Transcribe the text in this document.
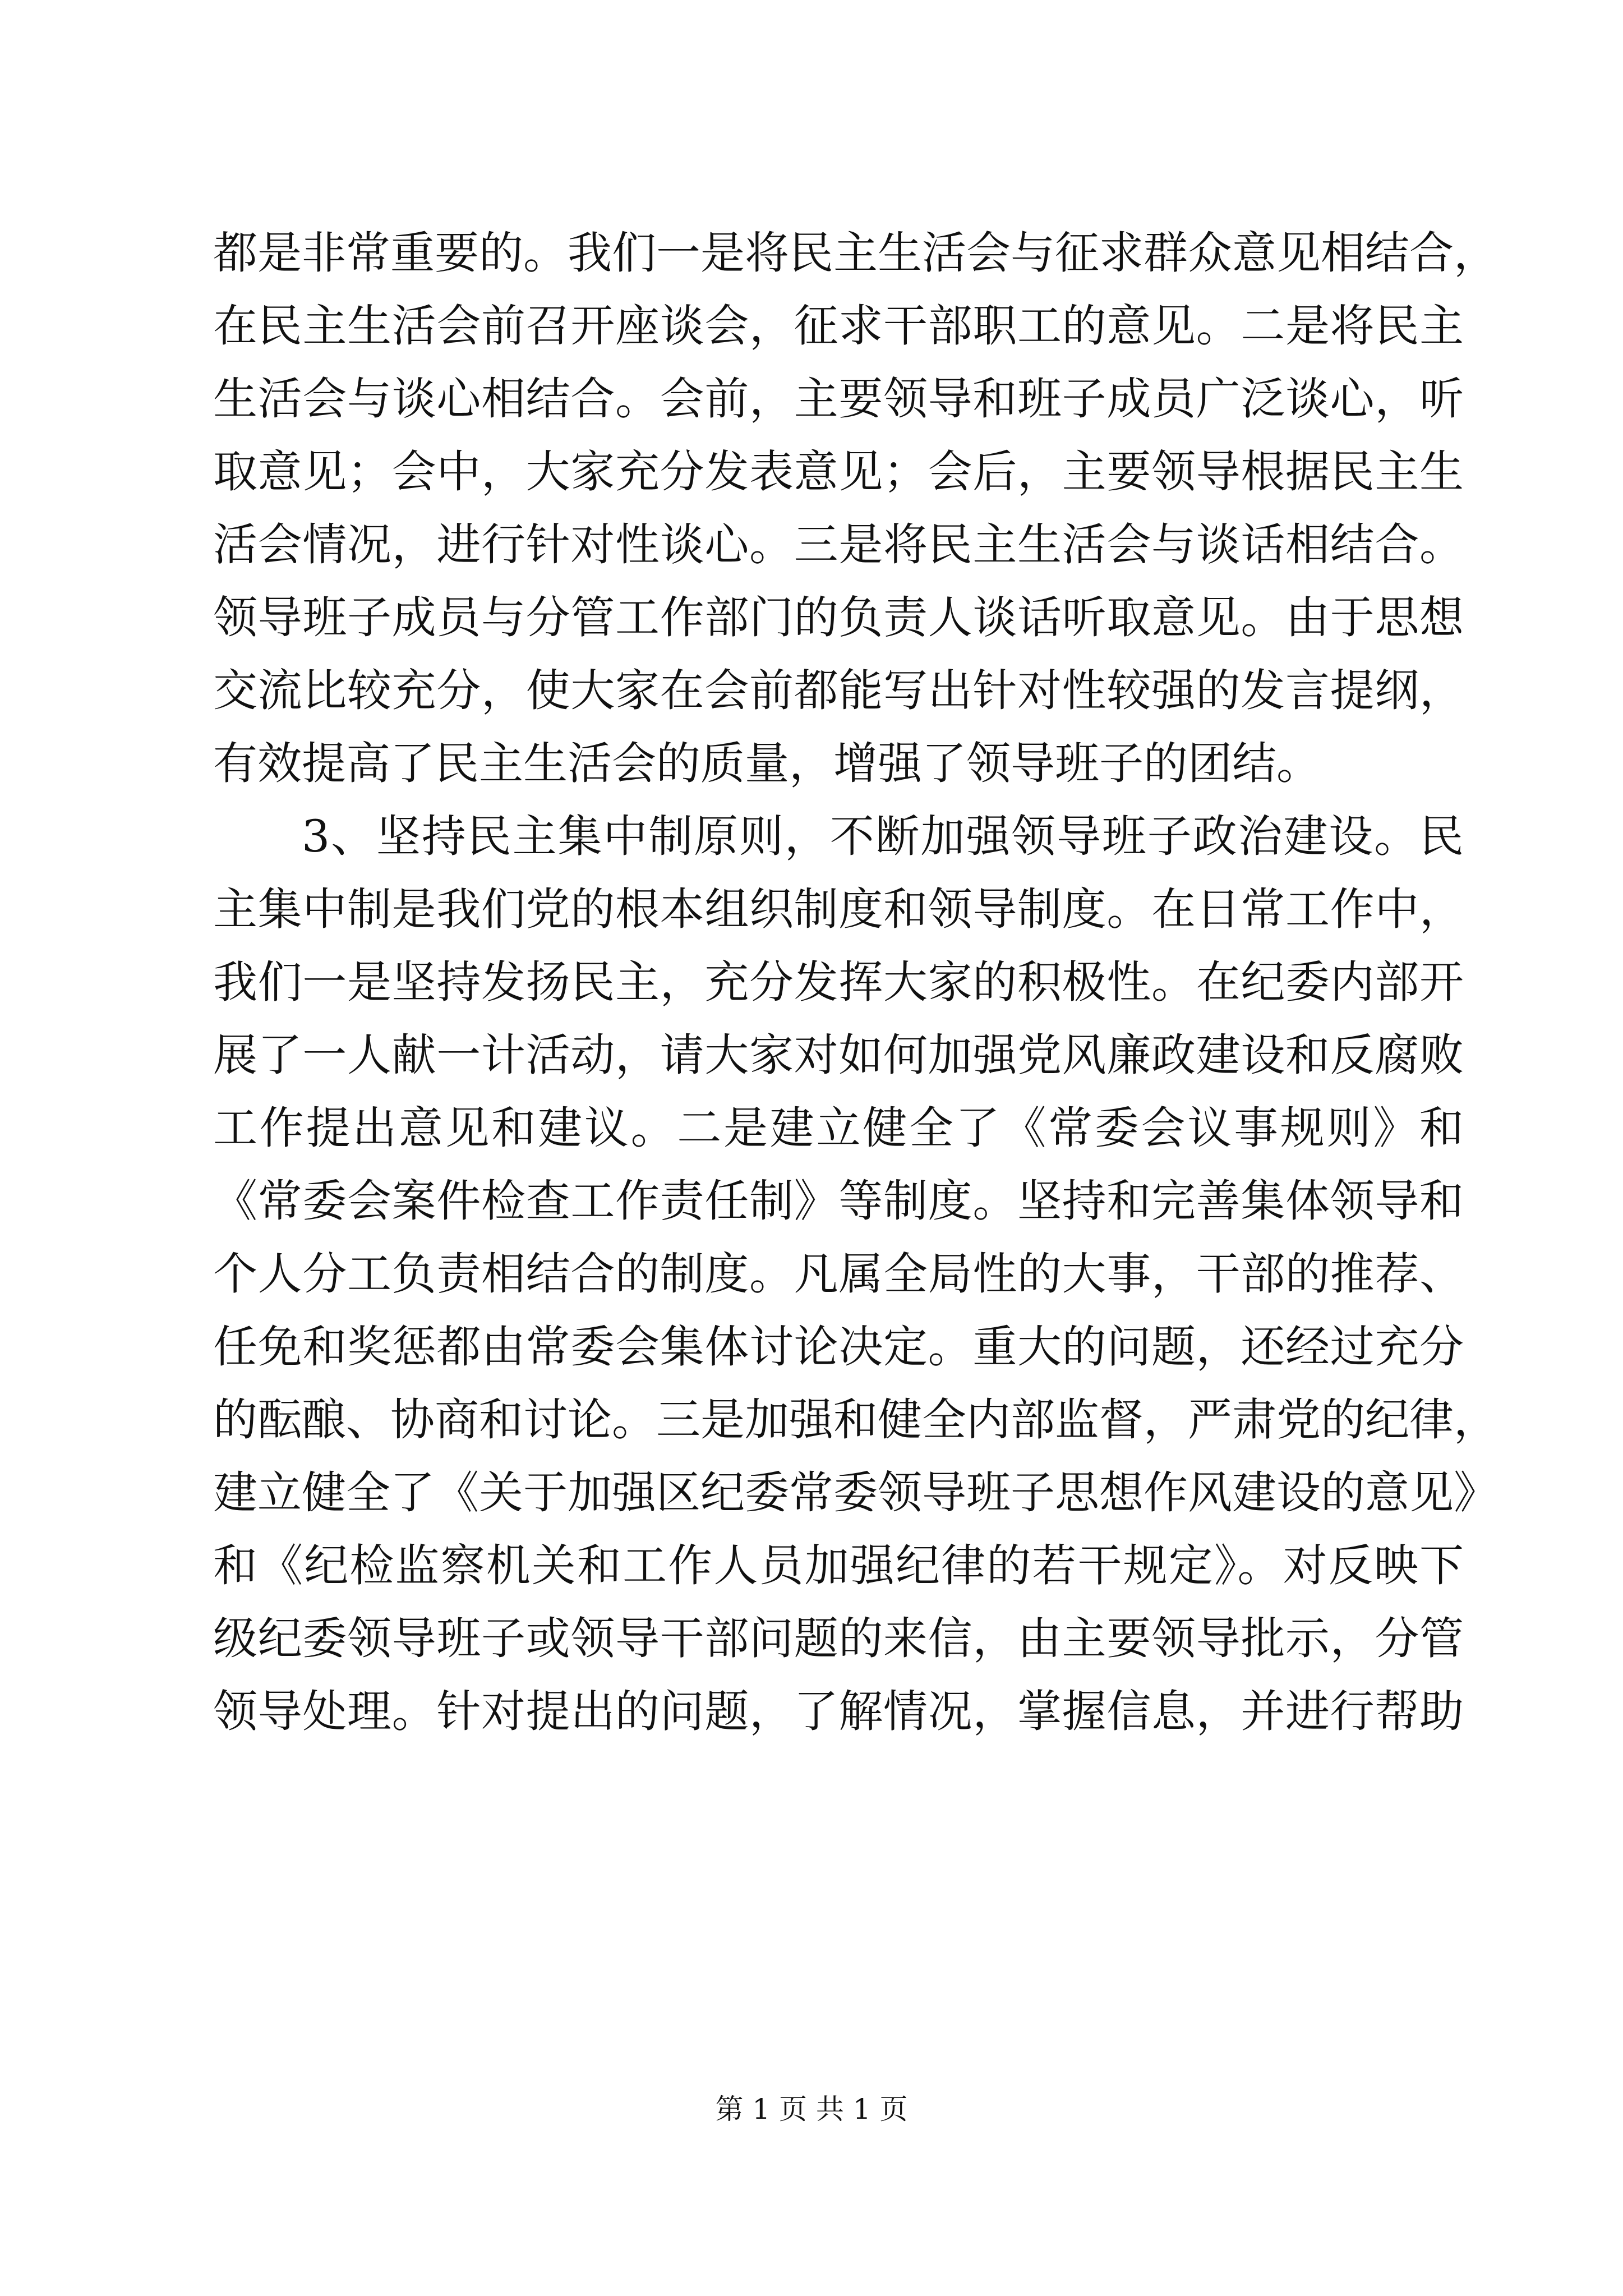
都是非常重要的。我们一是将民主生活会与征求群众意见相结合，
在民主生活会前召开座谈会，征求干部职工的意见。二是将民主
生活会与谈心相结合。会前，主要领导和班子成员广泛谈心，听
取意见；会中，大家充分发表意见；会后，主要领导根据民主生
活会情况，进行针对性谈心。三是将民主生活会与谈话相结合。
领导班子成员与分管工作部门的负责人谈话听取意见。由于思想
交流比较充分，使大家在会前都能写出针对性较强的发言提纲，
有效提高了民主生活会的质量，增强了领导班子的团结。
3、坚持民主集中制原则，不断加强领导班子政治建设。民
主集中制是我们党的根本组织制度和领导制度。在日常工作中，
我们一是坚持发扬民主，充分发挥大家的积极性。在纪委内部开
展了一人献一计活动，请大家对如何加强党风廉政建设和反腐败
工作提出意见和建议。二是建立健全了《常委会议事规则》和
《常委会案件检查工作责任制》等制度。坚持和完善集体领导和
个人分工负责相结合的制度。凡属全局性的大事，干部的推荐、
任免和奖惩都由常委会集体讨论决定。重大的问题，还经过充分
的酝酿、协商和讨论。三是加强和健全内部监督，严肃党的纪律，
建立健全了《关于加强区纪委常委领导班子思想作风建设的意见》
和《纪检监察机关和工作人员加强纪律的若干规定》。对反映下
级纪委领导班子或领导干部问题的来信，由主要领导批示，分管
领导处理。针对提出的问题，了解情况，掌握信息，并进行帮助
第 1 页 共 1 页
